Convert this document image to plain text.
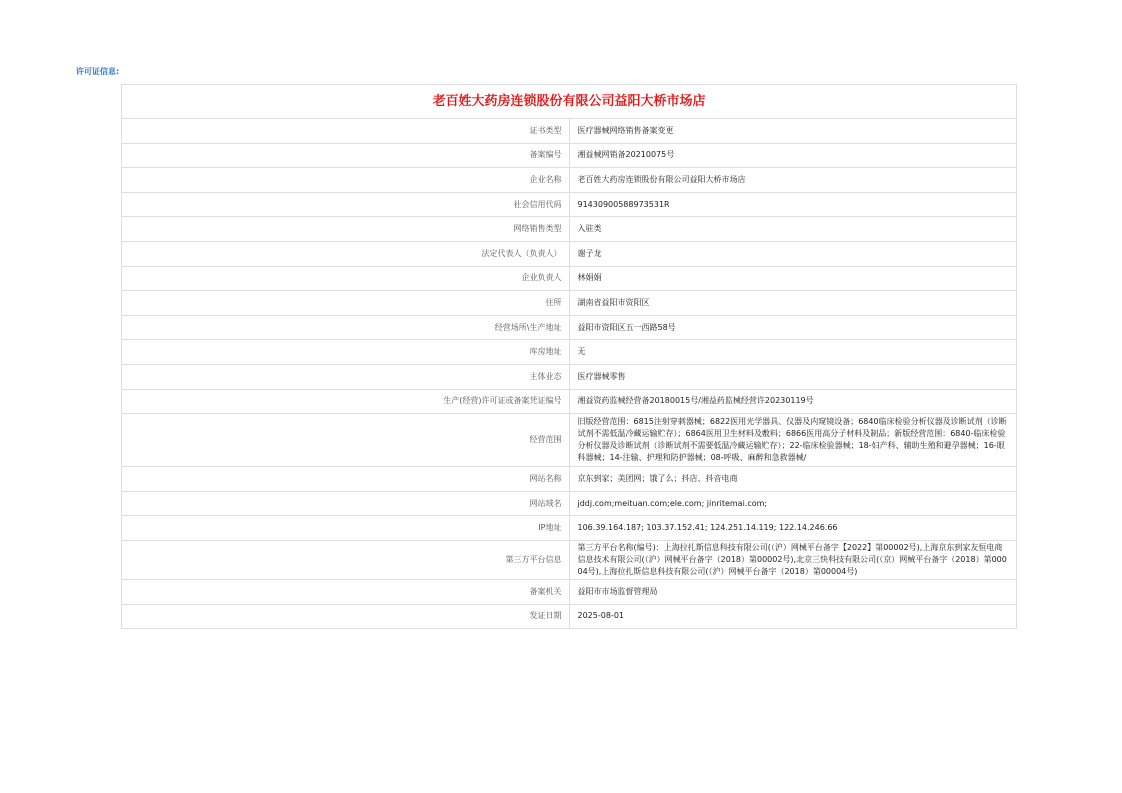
许可证信息:
老百姓大药房连锁股份有限公司益阳大桥市场店	
证书类型	医疗器械网络销售备案变更
备案编号	湘益械网销备20210075号
企业名称	老百姓大药房连锁股份有限公司益阳大桥市场店
社会信用代码	91430900588973531R
网络销售类型	入驻类
法定代表人（负责人）	谢子龙
企业负责人	林娟娟
住所	湖南省益阳市资阳区
经营场所\生产地址	益阳市资阳区五一西路58号
库房地址	无
主体业态	医疗器械零售
生产(经营)许可证或备案凭证编号	湘益资药监械经营备20180015号/湘益药监械经营许20230119号
经营范围	旧版经营范围：6815注射穿刺器械；6822医用光学器具、仪器及内窥镜设备；6840临床检验分析仪器及诊断试剂（诊断试剂不需低温冷藏运输贮存）；6864医用卫生材料及敷料；6866医用高分子材料及制品；新版经营范围：6840-临床检验分析仪器及诊断试剂（诊断试剂不需要低温冷藏运输贮存）；22-临床检验器械；18-妇产科、辅助生殖和避孕器械；16-眼科器械；14-注输、护理和防护器械；08-呼吸、麻醉和急救器械/
网站名称	京东到家；美团网；饿了么；抖店、抖音电商
网站域名	jddj.com;meituan.com;ele.com; jinritemai.com;
IP地址	106.39.164.187; 103.37.152.41; 124.251.14.119; 122.14.246.66
第三方平台信息	第三方平台名称(编号)：上海拉扎斯信息科技有限公司(（沪）网械平台备字【2022】第00002号),上海京东到家友恒电商信息技术有限公司(（沪）网械平台备字（2018）第00002号),北京三快科技有限公司(（京）网械平台备字（2018）第00004号),上海拉扎斯信息科技有限公司(（沪）网械平台备字（2018）第00004号)
备案机关	益阳市市场监督管理局
发证日期	2025-08-01
